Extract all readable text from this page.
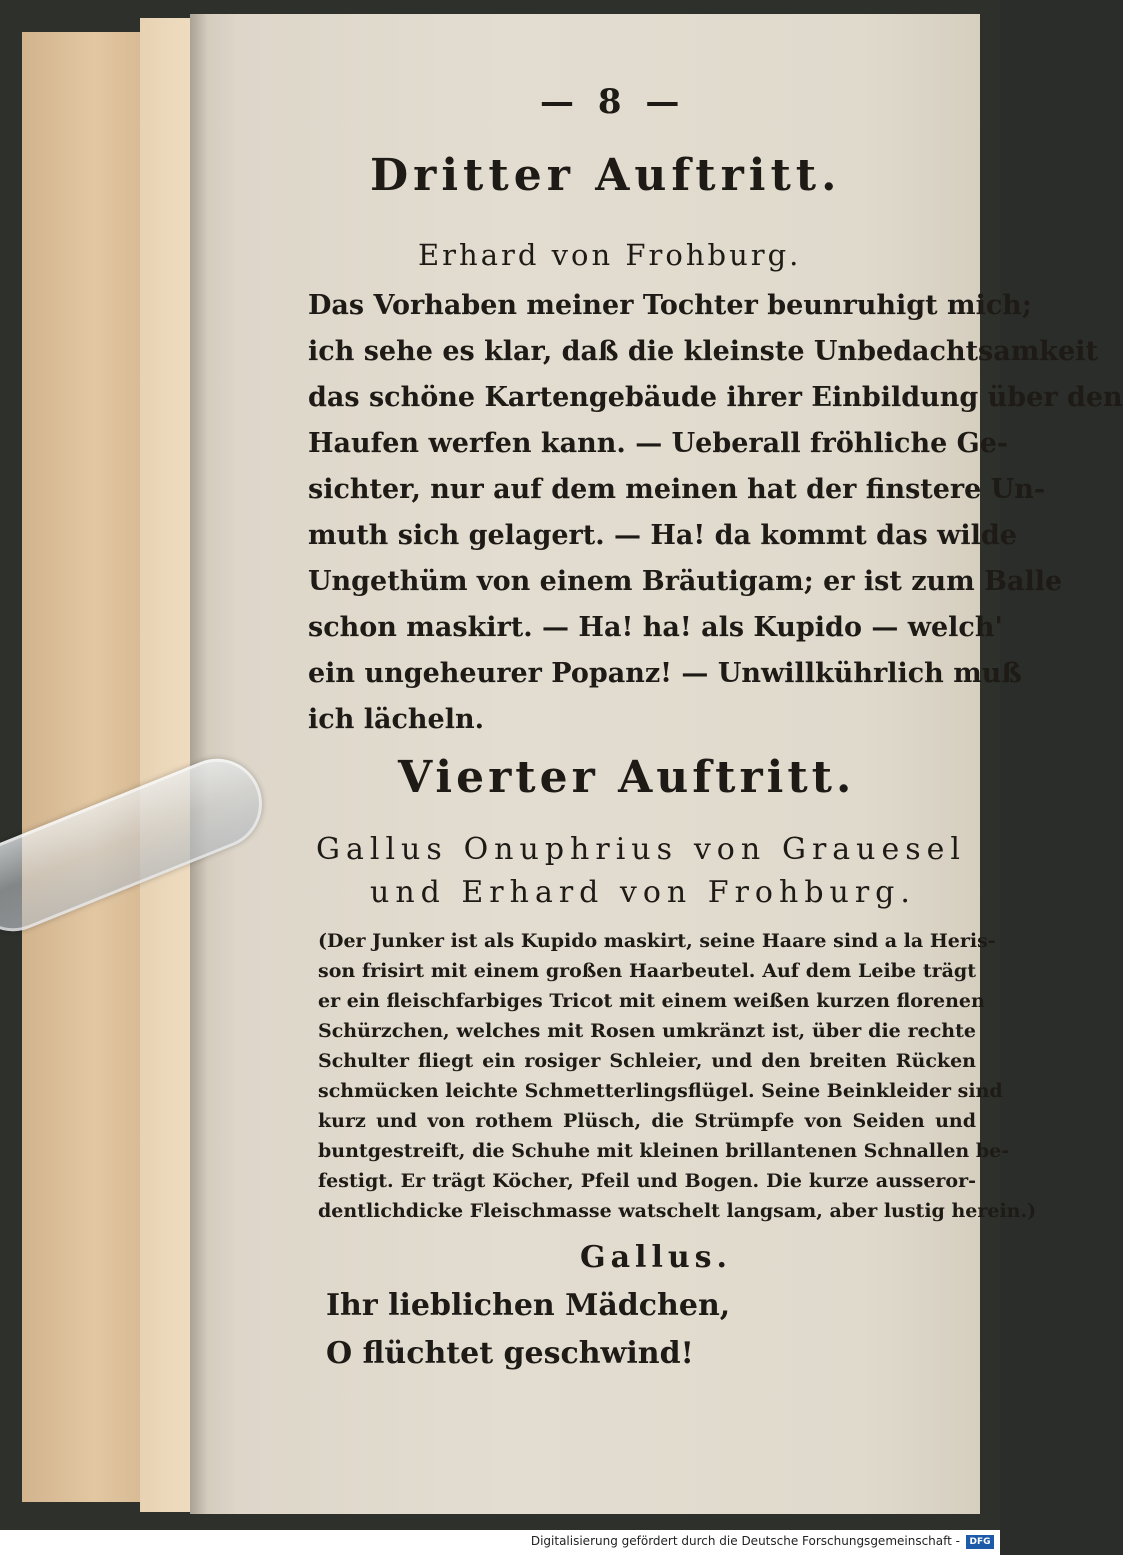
— 8 —
Dritter Auftritt.
Erhard von Frohburg.
Das Vorhaben meiner Tochter beunruhigt mich;
ich sehe es klar, daß die kleinste Unbedachtsamkeit
das schöne Kartengebäude ihrer Einbildung über den
Haufen werfen kann. — Ueberall fröhliche Ge-
sichter, nur auf dem meinen hat der finstere Un-
muth sich gelagert. — Ha! da kommt das wilde
Ungethüm von einem Bräutigam; er ist zum Balle
schon maskirt. — Ha! ha! als Kupido — welch'
ein ungeheurer Popanz! — Unwillkührlich muß
ich lächeln.
Vierter Auftritt.
Gallus Onuphrius von Grauesel
und Erhard von Frohburg.
(Der Junker ist als Kupido maskirt, seine Haare sind a la Heris-
son frisirt mit einem großen Haarbeutel. Auf dem Leibe trägt
er ein fleischfarbiges Tricot mit einem weißen kurzen florenen
Schürzchen, welches mit Rosen umkränzt ist, über die rechte
Schulter fliegt ein rosiger Schleier, und den breiten Rücken
schmücken leichte Schmetterlingsflügel. Seine Beinkleider sind
kurz und von rothem Plüsch, die Strümpfe von Seiden und
buntgestreift, die Schuhe mit kleinen brillantenen Schnallen be-
festigt. Er trägt Köcher, Pfeil und Bogen. Die kurze ausseror-
dentlichdicke Fleischmasse watschelt langsam, aber lustig herein.)
Gallus.
Ihr lieblichen Mädchen,
O flüchtet geschwind!
Digitalisierung gefördert durch die Deutsche Forschungsgemeinschaft -	DFG
